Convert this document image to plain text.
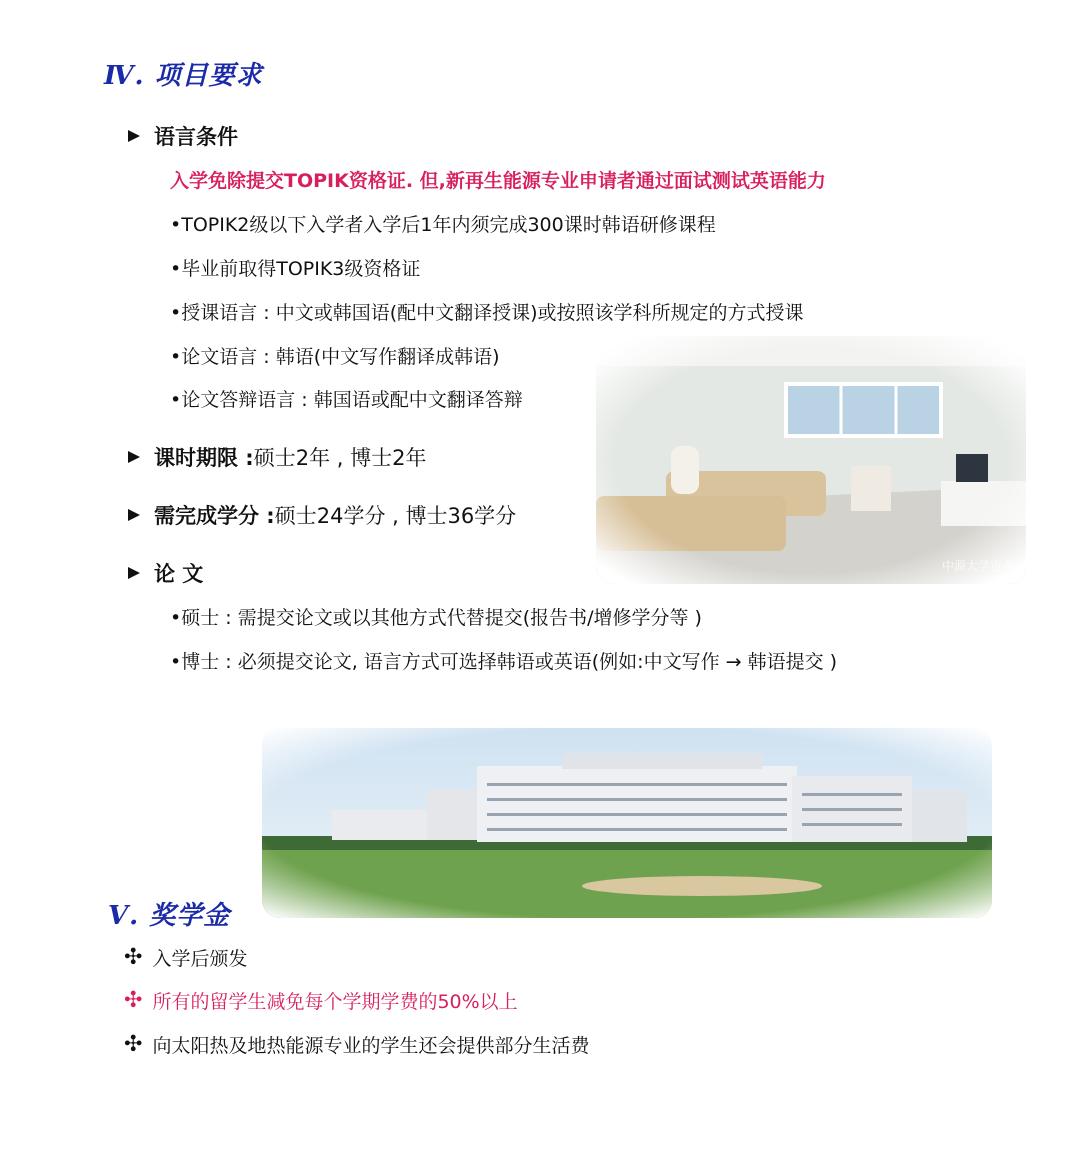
Ⅳ. 项目要求
语言条件
入学免除提交TOPIK资格证. 但,新再生能源专业申请者通过面试测试英语能力
•TOPIK2级以下入学者入学后1年内须完成300课时韩语研修课程
•毕业前取得TOPIK3级资格证
•授课语言 : 中文或韩国语(配中文翻译授课)或按照该学科所规定的方式授课
•论文语言 : 韩语(中文写作翻译成韩语)
•论文答辩语言 : 韩国语或配中文翻译答辩
中源大学宿舍
课时期限 : 硕士2年 , 博士2年
需完成学分 : 硕士24学分 , 博士36学分
论 文
•硕士 : 需提交论文或以其他方式代替提交(报告书/增修学分等 )
•博士 : 必须提交论文, 语言方式可选择韩语或英语(例如:中文写作 → 韩语提交 )
Ⅴ. 奖学金
✣ 入学后颁发
✣ 所有的留学生减免每个学期学费的50%以上
✣ 向太阳热及地热能源专业的学生还会提供部分生活费
